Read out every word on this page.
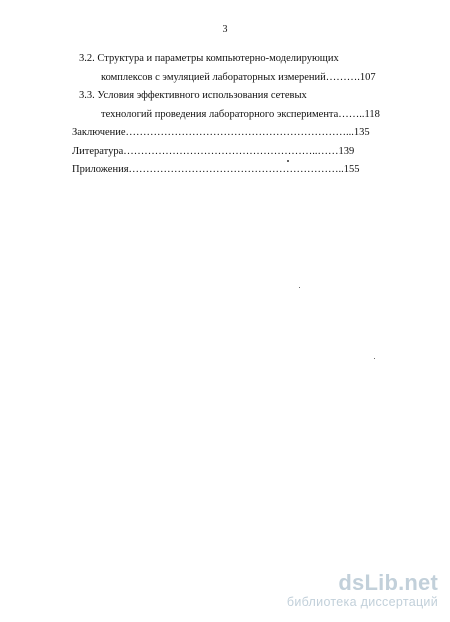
3
3.2. Структура и параметры компьютерно-моделирующих
комплексов с эмуляцией лабораторных измерений……….107
3.3. Условия эффективного использования сетевых
технологий проведения лабораторного эксперимента……..118
Заключение………………………………………………………...135
Литература………………………………………………..……139
Приложения……………………………………………………..155
dsLib.net
библиотека диссертаций
